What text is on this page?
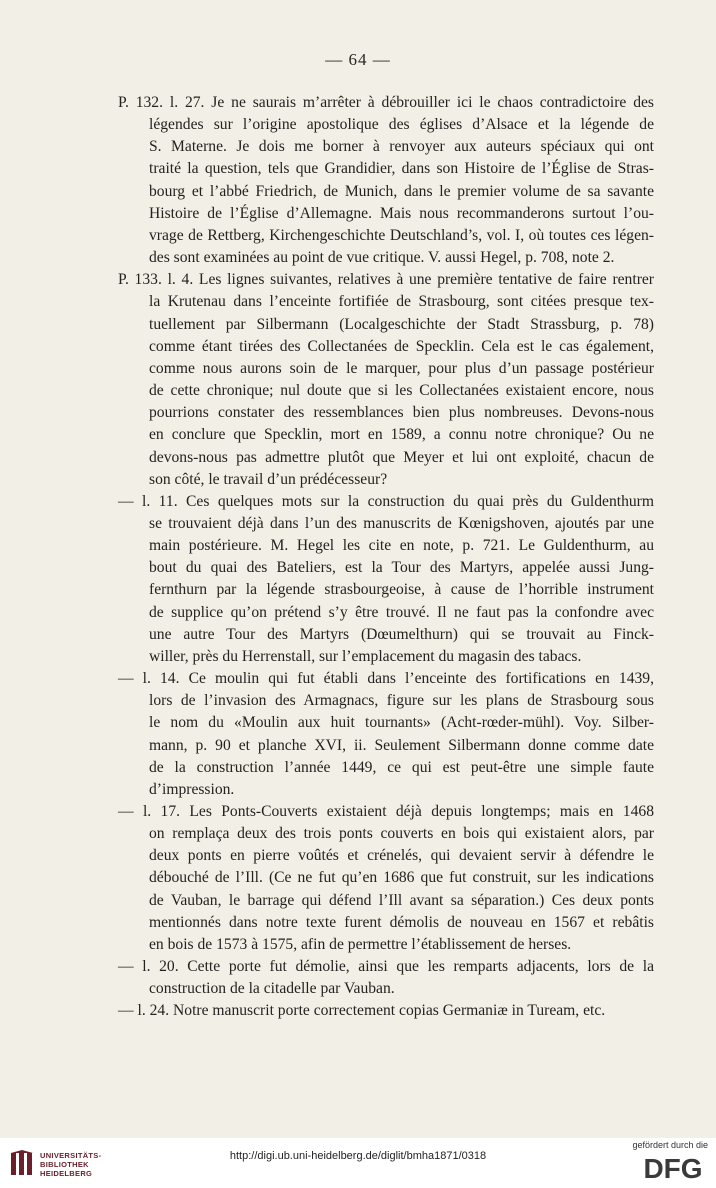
— 64 —
P. 132. l. 27. Je ne saurais m’arrêter à débrouiller ici le chaos contradictoire des
légendes sur l’origine apostolique des églises d’Alsace et la légende de
S. Materne. Je dois me borner à renvoyer aux auteurs spéciaux qui ont
traité la question, tels que Grandidier, dans son Histoire de l’Église de Stras-
bourg et l’abbé Friedrich, de Munich, dans le premier volume de sa savante
Histoire de l’Église d’Allemagne. Mais nous recommanderons surtout l’ou-
vrage de Rettberg, Kirchengeschichte Deutschland’s, vol. I, où toutes ces légen-
des sont examinées au point de vue critique. V. aussi Hegel, p. 708, note 2.
P. 133. l. 4. Les lignes suivantes, relatives à une première tentative de faire rentrer
la Krutenau dans l’enceinte fortifiée de Strasbourg, sont citées presque tex-
tuellement par Silbermann (Localgeschichte der Stadt Strassburg, p. 78)
comme étant tirées des Collectanées de Specklin. Cela est le cas également,
comme nous aurons soin de le marquer, pour plus d’un passage postérieur
de cette chronique; nul doute que si les Collectanées existaient encore, nous
pourrions constater des ressemblances bien plus nombreuses. Devons-nous
en conclure que Specklin, mort en 1589, a connu notre chronique? Ou ne
devons-nous pas admettre plutôt que Meyer et lui ont exploité, chacun de
son côté, le travail d’un prédécesseur?
— l. 11. Ces quelques mots sur la construction du quai près du Guldenthurm
se trouvaient déjà dans l’un des manuscrits de Kœnigshoven, ajoutés par une
main postérieure. M. Hegel les cite en note, p. 721. Le Guldenthurm, au
bout du quai des Bateliers, est la Tour des Martyrs, appelée aussi Jung-
fernthurn par la légende strasbourgeoise, à cause de l’horrible instrument
de supplice qu’on prétend s’y être trouvé. Il ne faut pas la confondre avec
une autre Tour des Martyrs (Dœumelthurn) qui se trouvait au Finck-
willer, près du Herrenstall, sur l’emplacement du magasin des tabacs.
— l. 14. Ce moulin qui fut établi dans l’enceinte des fortifications en 1439,
lors de l’invasion des Armagnacs, figure sur les plans de Strasbourg sous
le nom du «Moulin aux huit tournants» (Acht-rœder-mühl). Voy. Silber-
mann, p. 90 et planche XVI, ii. Seulement Silbermann donne comme date
de la construction l’année 1449, ce qui est peut-être une simple faute
d’impression.
— l. 17. Les Ponts-Couverts existaient déjà depuis longtemps; mais en 1468
on remplaça deux des trois ponts couverts en bois qui existaient alors, par
deux ponts en pierre voûtés et crénelés, qui devaient servir à défendre le
débouché de l’Ill. (Ce ne fut qu’en 1686 que fut construit, sur les indications
de Vauban, le barrage qui défend l’Ill avant sa séparation.) Ces deux ponts
mentionnés dans notre texte furent démolis de nouveau en 1567 et rebâtis
en bois de 1573 à 1575, afin de permettre l’établissement de herses.
— l. 20. Cette porte fut démolie, ainsi que les remparts adjacents, lors de la
construction de la citadelle par Vauban.
— l. 24. Notre manuscrit porte correctement copias Germaniæ in Tuream, etc.
UNIVERSITÄTS-
BIBLIOTHEK
HEIDELBERG
http://digi.ub.uni-heidelberg.de/diglit/bmha1871/0318
gefördert durch die
DFG
